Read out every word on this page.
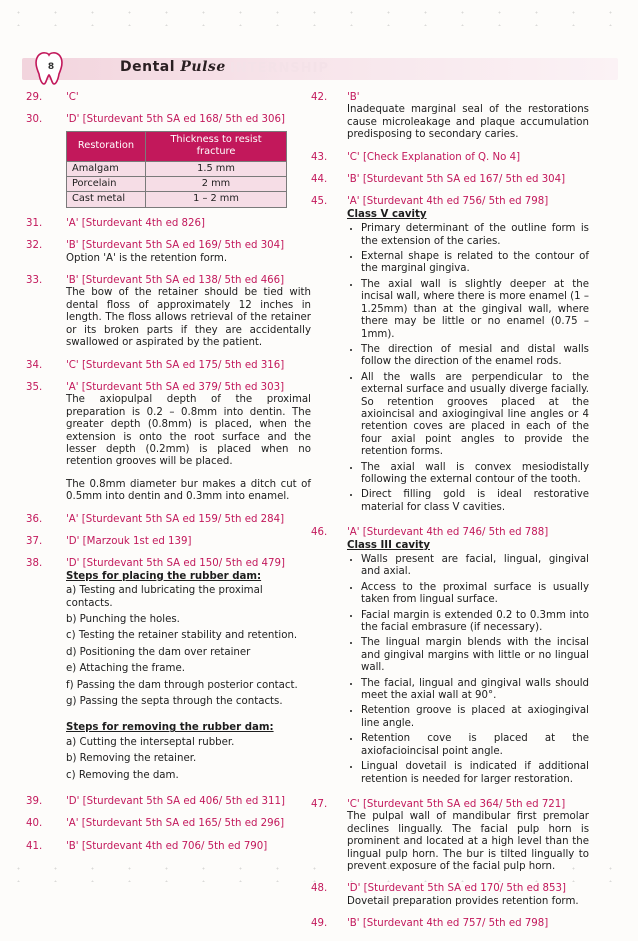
8	Dental Pulse INTERNSHIP
29.	'C'
30.	'D' [Sturdevant 5th SA ed 168/ 5th ed 306]
Restoration	Thickness to resist fracture
Amalgam	1.5 mm
Porcelain	2 mm
Cast metal	1 – 2 mm
31.	'A' [Sturdevant 4th ed 826]
32.	'B' [Sturdevant 5th SA ed 169/ 5th ed 304]
Option 'A' is the retention form.
33.	'B' [Sturdevant 5th SA ed 138/ 5th ed 466]
The bow of the retainer should be tied with dental floss of approximately 12 inches in length. The floss allows retrieval of the retainer or its broken parts if they are accidentally swallowed or aspirated by the patient.
34.	'C' [Sturdevant 5th SA ed 175/ 5th ed 316]
35.	'A' [Sturdevant 5th SA ed 379/ 5th ed 303]
The axiopulpal depth of the proximal preparation is 0.2 – 0.8mm into dentin. The greater depth (0.8mm) is placed, when the extension is onto the root surface and the lesser depth (0.2mm) is placed when no retention grooves will be placed.
The 0.8mm diameter bur makes a ditch cut of 0.5mm into dentin and 0.3mm into enamel.
36.	'A' [Sturdevant 5th SA ed 159/ 5th ed 284]
37.	'D' [Marzouk 1st ed 139]
38.	'D' [Sturdevant 5th SA ed 150/ 5th ed 479]
Steps for placing the rubber dam:
a) Testing and lubricating the proximal contacts.
b) Punching the holes.
c) Testing the retainer stability and retention.
d) Positioning the dam over retainer
e) Attaching the frame.
f) Passing the dam through posterior contact.
g) Passing the septa through the contacts.
Steps for removing the rubber dam:
a) Cutting the interseptal rubber.
b) Removing the retainer.
c) Removing the dam.
39.	'D' [Sturdevant 5th SA ed 406/ 5th ed 311]
40.	'A' [Sturdevant 5th SA ed 165/ 5th ed 296]
41.	'B' [Sturdevant 4th ed 706/ 5th ed 790]
42.	'B'
Inadequate marginal seal of the restorations cause microleakage and plaque accumulation predisposing to secondary caries.
43.	'C' [Check Explanation of Q. No 4]
44.	'B' [Sturdevant 5th SA ed 167/ 5th ed 304]
45.	'A' [Sturdevant 4th ed 756/ 5th ed 798]
Class V cavity
• Primary determinant of the outline form is the extension of the caries.
• External shape is related to the contour of the marginal gingiva.
• The axial wall is slightly deeper at the incisal wall, where there is more enamel (1 – 1.25mm) than at the gingival wall, where there may be little or no enamel (0.75 – 1mm).
• The direction of mesial and distal walls follow the direction of the enamel rods.
• All the walls are perpendicular to the external surface and usually diverge facially. So retention grooves placed at the axioincisal and axiogingival line angles or 4 retention coves are placed in each of the four axial point angles to provide the retention forms.
• The axial wall is convex mesiodistally following the external contour of the tooth.
• Direct filling gold is ideal restorative material for class V cavities.
46.	'A' [Sturdevant 4th ed 746/ 5th ed 788]
Class III cavity
• Walls present are facial, lingual, gingival and axial.
• Access to the proximal surface is usually taken from lingual surface.
• Facial margin is extended 0.2 to 0.3mm into the facial embrasure (if necessary).
• The lingual margin blends with the incisal and gingival margins with little or no lingual wall.
• The facial, lingual and gingival walls should meet the axial wall at 90°.
• Retention groove is placed at axiogingival line angle.
• Retention cove is placed at the axiofacioincisal point angle.
• Lingual dovetail is indicated if additional retention is needed for larger restoration.
47.	'C' [Sturdevant 5th SA ed 364/ 5th ed 721]
The pulpal wall of mandibular first premolar declines lingually. The facial pulp horn is prominent and located at a high level than the lingual pulp horn. The bur is tilted lingually to prevent exposure of the facial pulp horn.
48.	'D' [Sturdevant 5th SA ed 170/ 5th ed 853]
Dovetail preparation provides retention form.
49.	'B' [Sturdevant 4th ed 757/ 5th ed 798]
